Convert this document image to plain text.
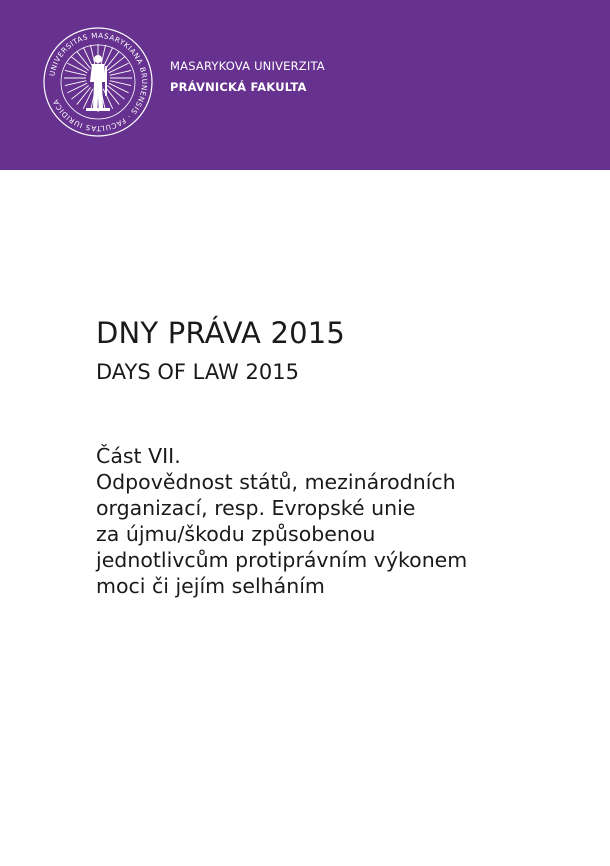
UNIVERSITAS MASARYKIANA BRUNENSIS · FACULTAS IURIDICA
MASARYKOVA UNIVERZITA
PRÁVNICKÁ FAKULTA
DNY PRÁVA 2015
DAYS OF LAW 2015
Část VII.
Odpovědnost států, mezinárodních
organizací, resp. Evropské unie
za újmu/škodu způsobenou
jednotlivcům protiprávním výkonem
moci či jejím selháním
